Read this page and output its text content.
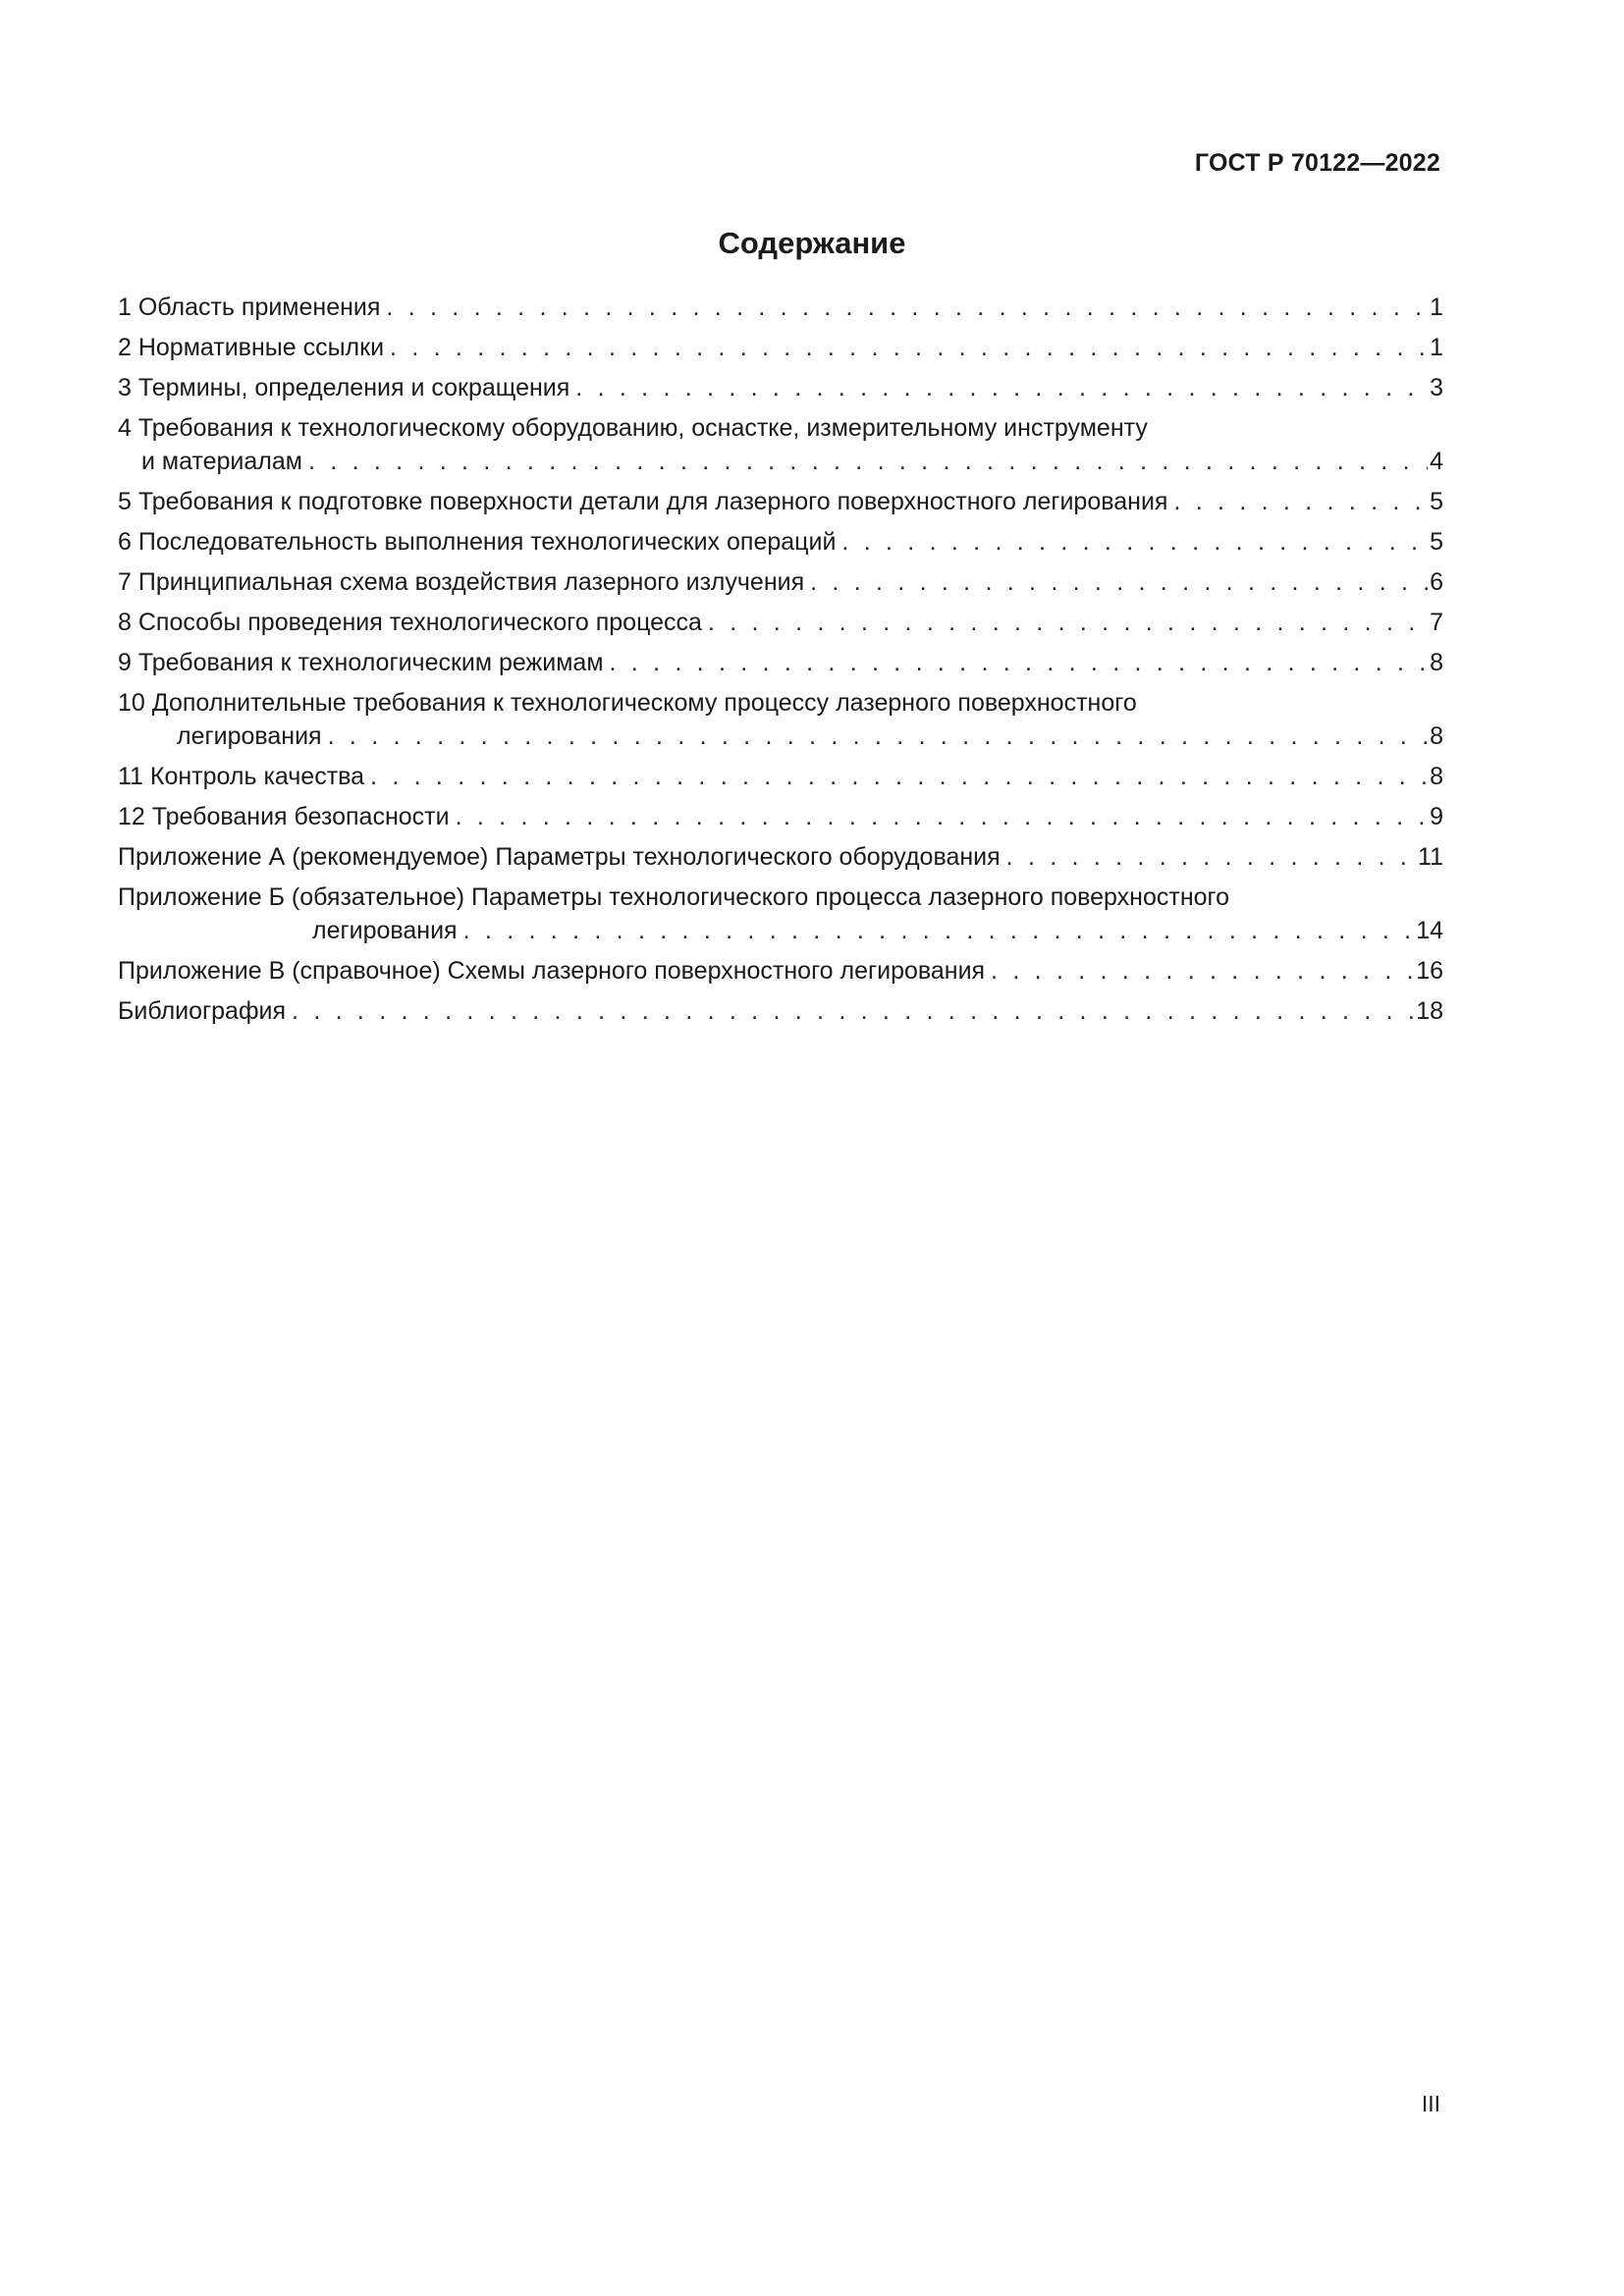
ГОСТ Р 70122—2022
Содержание
1 Область применения . . .	1
2 Нормативные ссылки . . .	1
3 Термины, определения и сокращения . . .	3
4 Требования к технологическому оборудованию, оснастке, измерительному инструменту
и материалам . . .	4
5 Требования к подготовке поверхности детали для лазерного поверхностного легирования . . .	5
6 Последовательность выполнения технологических операций . . .	5
7 Принципиальная схема воздействия лазерного излучения . . .	6
8 Способы проведения технологического процесса . . .	7
9 Требования к технологическим режимам . . .	8
10 Дополнительные требования к технологическому процессу лазерного поверхностного
легирования . . .	8
11 Контроль качества . . .	8
12 Требования безопасности . . .	9
Приложение А (рекомендуемое) Параметры технологического оборудования . . .	11
Приложение Б (обязательное) Параметры технологического процесса лазерного поверхностного
легирования . . .	14
Приложение В (справочное) Схемы лазерного поверхностного легирования . . .	16
Библиография . . .	18
III
